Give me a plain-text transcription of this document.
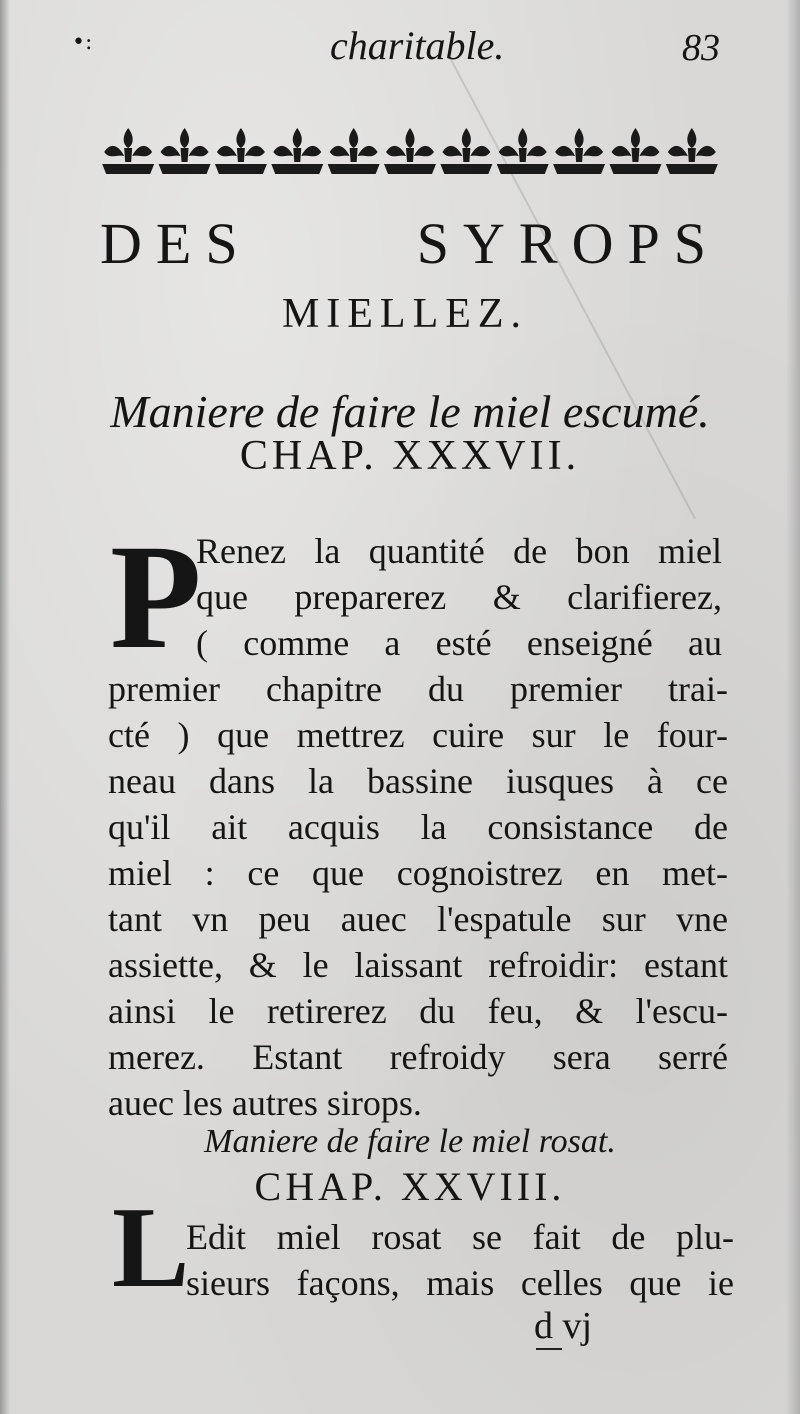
•:	charitable.	83
DES SYROPS
MIELLEZ.
Maniere de faire le miel escumé.
CHAP. XXXVII.
P
Renez la quantité de bon miel
que preparerez & clarifierez,
( comme a esté enseigné au
premier chapitre du premier trai-
cté ) que mettrez cuire sur le four-
neau dans la bassine iusques à ce
qu'il ait acquis la consistance de
miel : ce que cognoistrez en met-
tant vn peu auec l'espatule sur vne
assiette, & le laissant refroidir: estant
ainsi le retirerez du feu, & l'escu-
merez. Estant refroidy sera serré
auec les autres sirops.
Maniere de faire le miel rosat.
CHAP. XXVIII.
L
Edit miel rosat se fait de plu-
sieurs façons, mais celles que ie
d vj
